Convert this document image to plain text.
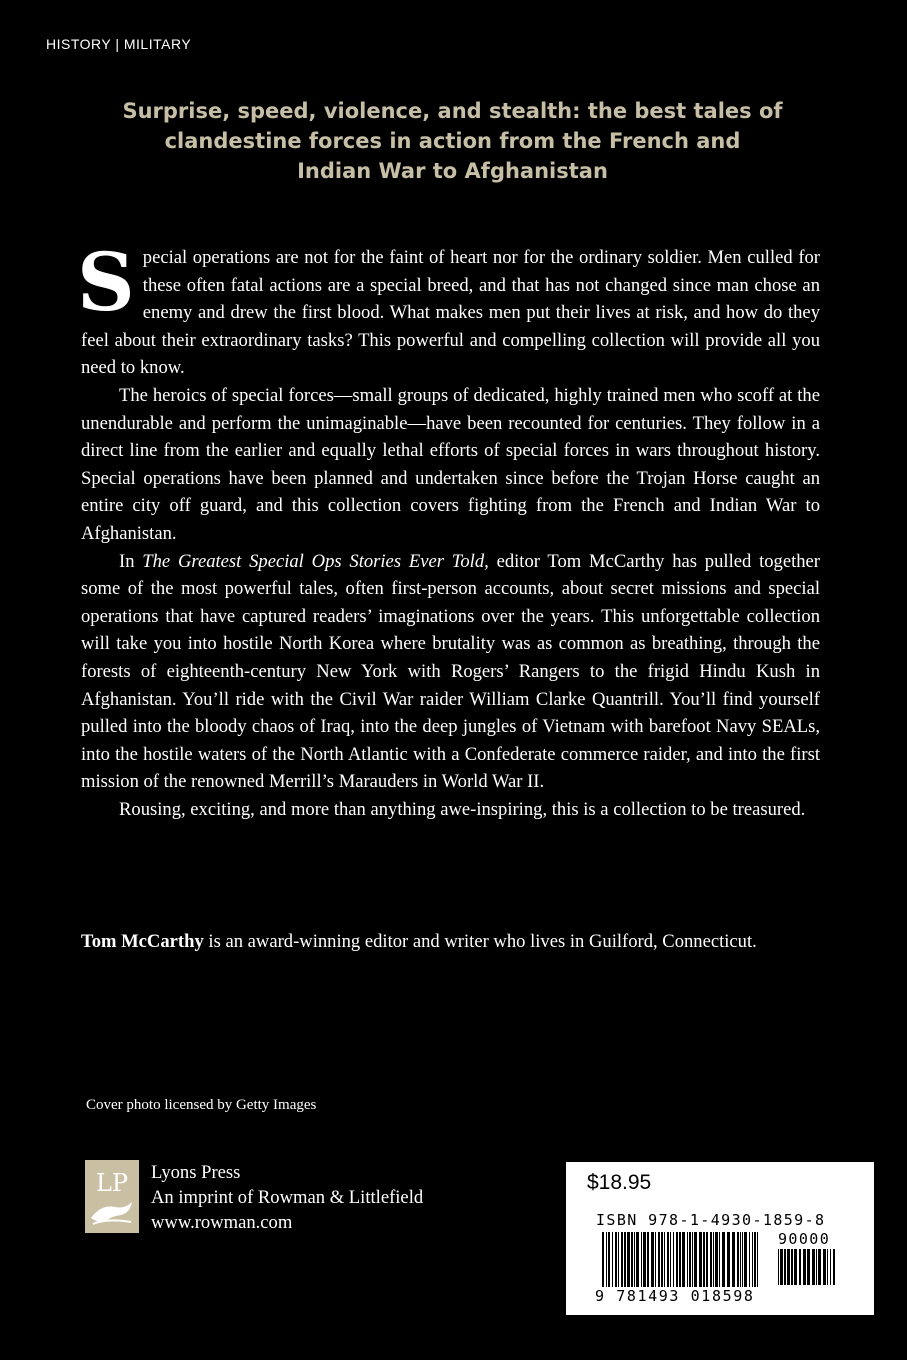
HISTORY | MILITARY
Surprise, speed, violence, and stealth: the best tales of
clandestine forces in action from the French and
Indian War to Afghanistan

Special operations are not for the faint of heart nor for the ordinary soldier. Men culled for these often fatal actions are a special breed, and that has not changed since man chose an enemy and drew the first blood. What makes men put their lives at risk, and how do they feel about their extraordinary tasks? This powerful and compelling collection will provide all you need to know.

The heroics of special forces—small groups of dedicated, highly trained men who scoff at the unendurable and perform the unimaginable—have been recounted for centuries. They follow in a direct line from the earlier and equally lethal efforts of special forces in wars throughout history. Special operations have been planned and undertaken since before the Trojan Horse caught an entire city off guard, and this collection covers fighting from the French and Indian War to Afghanistan.

In The Greatest Special Ops Stories Ever Told, editor Tom McCarthy has pulled together some of the most powerful tales, often first-person accounts, about secret missions and special operations that have captured readers’ imaginations over the years. This unforgettable collection will take you into hostile North Korea where brutality was as common as breathing, through the forests of eighteenth-century New York with Rogers’ Rangers to the frigid Hindu Kush in Afghanistan. You’ll ride with the Civil War raider William Clarke Quantrill. You’ll find yourself pulled into the bloody chaos of Iraq, into the deep jungles of Vietnam with barefoot Navy SEALs, into the hostile waters of the North Atlantic with a Confederate commerce raider, and into the first mission of the renowned Merrill’s Marauders in World War II.

Rousing, exciting, and more than anything awe-inspiring, this is a collection to be treasured.

Tom McCarthy is an award-winning editor and writer who lives in Guilford, Connecticut.
Cover photo licensed by Getty Images
LP Lyons Press
An imprint of Rowman & Littlefield
www.rowman.com
$18.95
ISBN 978-1-4930-1859-8
90000
9 781493 018598
